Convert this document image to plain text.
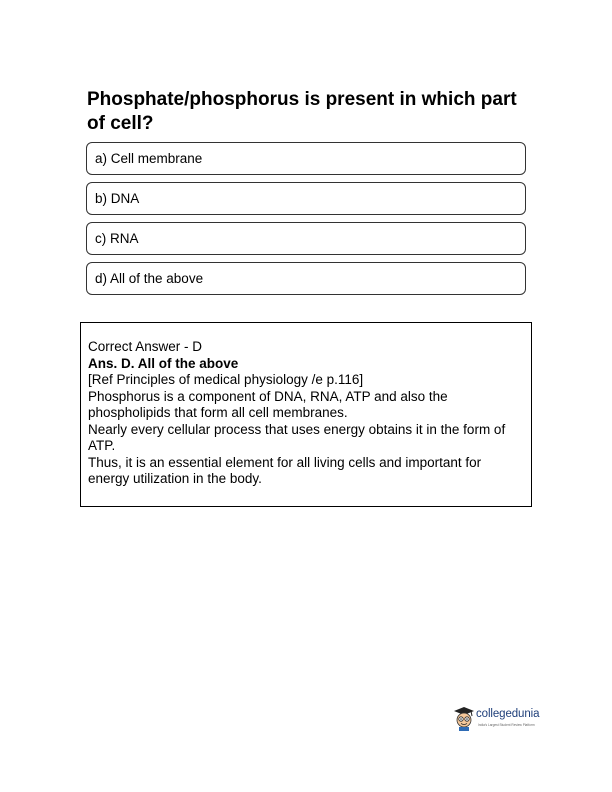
Phosphate/phosphorus is present in which part of cell?
a) Cell membrane
b) DNA
c) RNA
d) All of the above
Correct Answer - D
Ans. D. All of the above
[Ref Principles of medical physiology /e p.116]
Phosphorus is a component of DNA, RNA, ATP and also the phospholipids that form all cell membranes.
Nearly every cellular process that uses energy obtains it in the form of ATP.
Thus, it is an essential element for all living cells and important for energy utilization in the body.
collegedunia
India's Largest Student Review Platform
